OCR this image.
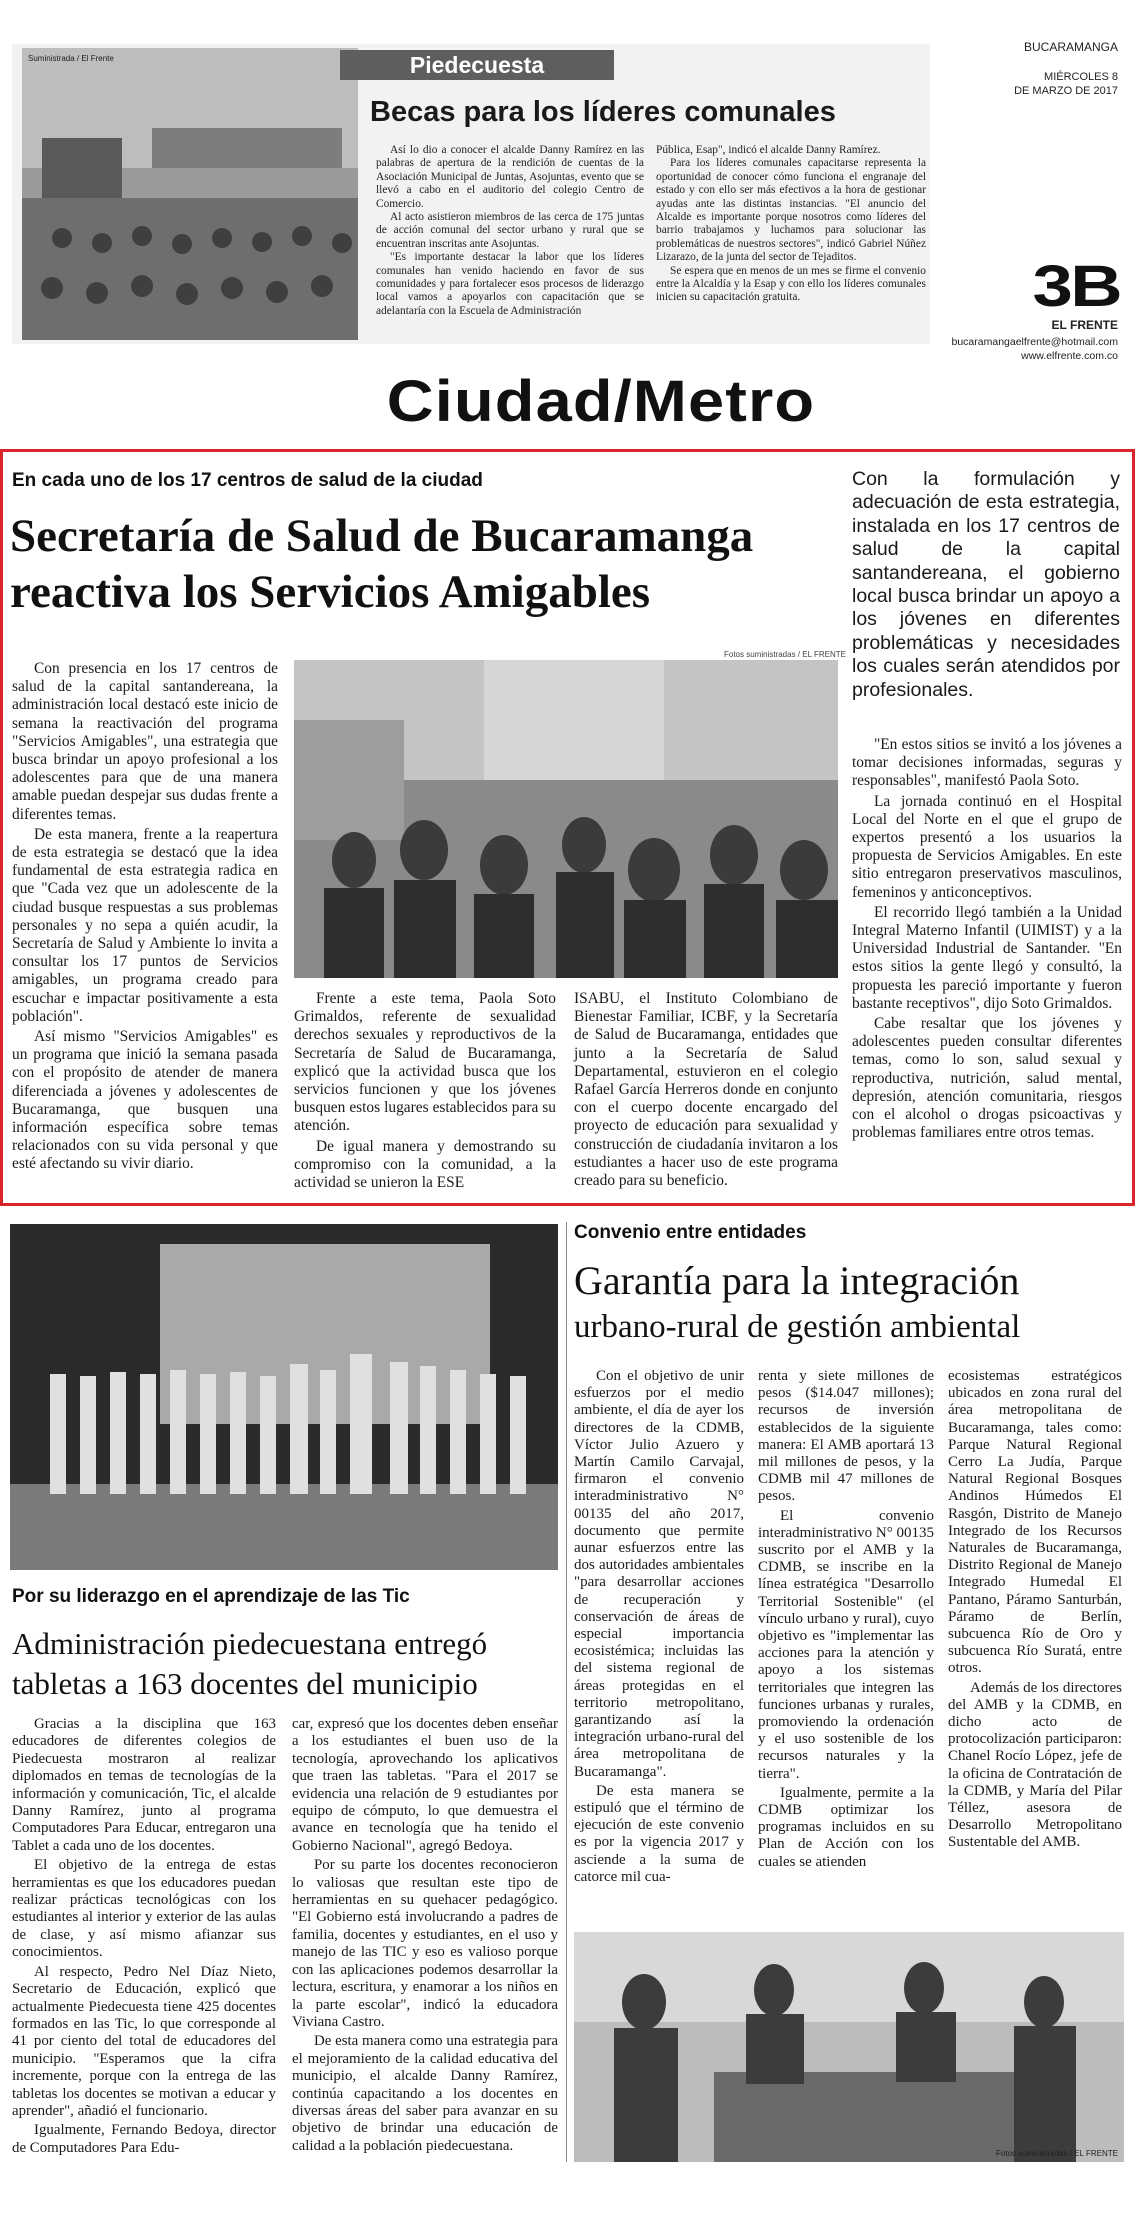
Suministrada / El Frente	Piedecuesta
Becas para los líderes comunales

Así lo dio a conocer el alcalde Danny Ramírez en las palabras de apertura de la rendición de cuentas de la Asociación Municipal de Juntas, Asojuntas, evento que se llevó a cabo en el auditorio del colegio Centro de Comercio.

Al acto asistieron miembros de las cerca de 175 juntas de acción comunal del sector urbano y rural que se encuentran inscritas ante Asojuntas.

"Es importante destacar la labor que los líderes comunales han venido haciendo en favor de sus comunidades y para fortalecer esos procesos de liderazgo local vamos a apoyarlos con capacitación que se adelantaría con la Escuela de Administración

Pública, Esap", indicó el alcalde Danny Ramírez.

Para los líderes comunales capacitarse representa la oportunidad de conocer cómo funciona el engranaje del estado y con ello ser más efectivos a la hora de gestionar ayudas ante las distintas instancias. "El anuncio del Alcalde es importante porque nosotros como líderes del barrio trabajamos y luchamos para solucionar las problemáticas de nuestros sectores", indicó Gabriel Núñez Lizarazo, de la junta del sector de Tejaditos.

Se espera que en menos de un mes se firme el convenio entre la Alcaldía y la Esap y con ello los líderes comunales inicien su capacitación gratuita.

BUCARAMANGA
MIÉRCOLES 8
DE MARZO DE 2017
3B
EL FRENTE
bucaramangaelfrente@hotmail.com
www.elfrente.com.co
Ciudad/Metro
En cada uno de los 17 centros de salud de la ciudad
Secretaría de Salud de Bucaramanga
reactiva los Servicios Amigables
Con la formulación y adecuación de esta estrategia, instalada en los 17 centros de salud de la capital santandereana, el gobierno local busca brindar un apoyo a los jóvenes en diferentes problemáticas y necesidades los cuales serán atendidos por profesionales.
Fotos suministradas / EL FRENTE

Con presencia en los 17 centros de salud de la capital santandereana, la administración local destacó este inicio de semana la reactivación del programa "Servicios Amigables", una estrategia que busca brindar un apoyo profesional a los adolescentes para que de una manera amable puedan despejar sus dudas frente a diferentes temas.

De esta manera, frente a la reapertura de esta estrategia se destacó que la idea fundamental de esta estrategia radica en que "Cada vez que un adolescente de la ciudad busque respuestas a sus problemas personales y no sepa a quién acudir, la Secretaría de Salud y Ambiente lo invita a consultar los 17 puntos de Servicios amigables, un programa creado para escuchar e impactar positivamente a esta población".

Así mismo "Servicios Amigables" es un programa que inició la semana pasada con el propósito de atender de manera diferenciada a jóvenes y adolescentes de Bucaramanga, que busquen una información específica sobre temas relacionados con su vida personal y que esté afectando su vivir diario.

Frente a este tema, Paola Soto Grimaldos, referente de sexualidad derechos sexuales y reproductivos de la Secretaría de Salud de Bucaramanga, explicó que la actividad busca que los servicios funcionen y que los jóvenes busquen estos lugares establecidos para su atención.

De igual manera y demostrando su compromiso con la comunidad, a la actividad se unieron la ESE

ISABU, el Instituto Colombiano de Bienestar Familiar, ICBF, y la Secretaría de Salud de Bucaramanga, entidades que junto a la Secretaría de Salud Departamental, estuvieron en el colegio Rafael García Herreros donde en conjunto con el cuerpo docente encargado del proyecto de educación para sexualidad y construcción de ciudadanía invitaron a los estudiantes a hacer uso de este programa creado para su beneficio.

"En estos sitios se invitó a los jóvenes a tomar decisiones informadas, seguras y responsables", manifestó Paola Soto.

La jornada continuó en el Hospital Local del Norte en el que el grupo de expertos presentó a los usuarios la propuesta de Servicios Amigables. En este sitio entregaron preservativos masculinos, femeninos y anticonceptivos.

El recorrido llegó también a la Unidad Integral Materno Infantil (UIMIST) y a la Universidad Industrial de Santander. "En estos sitios la gente llegó y consultó, la propuesta les pareció importante y fueron bastante receptivos", dijo Soto Grimaldos.

Cabe resaltar que los jóvenes y adolescentes pueden consultar diferentes temas, como lo son, salud sexual y reproductiva, nutrición, salud mental, depresión, atención comunitaria, riesgos con el alcohol o drogas psicoactivas y problemas familiares entre otros temas.

Por su liderazgo en el aprendizaje de las Tic
Administración piedecuestana entregó
tabletas a 163 docentes del municipio

Gracias a la disciplina que 163 educadores de diferentes colegios de Piedecuesta mostraron al realizar diplomados en temas de tecnologías de la información y comunicación, Tic, el alcalde Danny Ramírez, junto al programa Computadores Para Educar, entregaron una Tablet a cada uno de los docentes.

El objetivo de la entrega de estas herramientas es que los educadores puedan realizar prácticas tecnológicas con los estudiantes al interior y exterior de las aulas de clase, y así mismo afianzar sus conocimientos.

Al respecto, Pedro Nel Díaz Nieto, Secretario de Educación, explicó que actualmente Piedecuesta tiene 425 docentes formados en las Tic, lo que corresponde al 41 por ciento del total de educadores del municipio. "Esperamos que la cifra incremente, porque con la entrega de las tabletas los docentes se motivan a educar y aprender", añadió el funcionario.

Igualmente, Fernando Bedoya, director de Computadores Para Edu-

car, expresó que los docentes deben enseñar a los estudiantes el buen uso de la tecnología, aprovechando los aplicativos que traen las tabletas. "Para el 2017 se evidencia una relación de 9 estudiantes por equipo de cómputo, lo que demuestra el avance en tecnología que ha tenido el Gobierno Nacional", agregó Bedoya.

Por su parte los docentes reconocieron lo valiosas que resultan este tipo de herramientas en su quehacer pedagógico. "El Gobierno está involucrando a padres de familia, docentes y estudiantes, en el uso y manejo de las TIC y eso es valioso porque con las aplicaciones podemos desarrollar la lectura, escritura, y enamorar a los niños en la parte escolar", indicó la educadora Viviana Castro.

De esta manera como una estrategia para el mejoramiento de la calidad educativa del municipio, el alcalde Danny Ramírez, continúa capacitando a los docentes en diversas áreas del saber para avanzar en su objetivo de brindar una educación de calidad a la población piedecuestana.

Convenio entre entidades
Garantía para la integración
urbano-rural de gestión ambiental

Con el objetivo de unir esfuerzos por el medio ambiente, el día de ayer los directores de la CDMB, Víctor Julio Azuero y Martín Camilo Carvajal, firmaron el convenio interadministrativo N° 00135 del año 2017, documento que permite aunar esfuerzos entre las dos autoridades ambientales "para desarrollar acciones de recuperación y conservación de áreas de especial importancia ecosistémica; incluidas las del sistema regional de áreas protegidas en el territorio metropolitano, garantizando así la integración urbano-rural del área metropolitana de Bucaramanga".

De esta manera se estipuló que el término de ejecución de este convenio es por la vigencia 2017 y asciende a la suma de catorce mil cua-

renta y siete millones de pesos ($14.047 millones); recursos de inversión establecidos de la siguiente manera: El AMB aportará 13 mil millones de pesos, y la CDMB mil 47 millones de pesos.

El convenio interadministrativo N° 00135 suscrito por el AMB y la CDMB, se inscribe en la línea estratégica "Desarrollo Territorial Sostenible" (el vínculo urbano y rural), cuyo objetivo es "implementar las acciones para la atención y apoyo a los sistemas territoriales que integren las funciones urbanas y rurales, promoviendo la ordenación y el uso sostenible de los recursos naturales y la tierra".

Igualmente, permite a la CDMB optimizar los programas incluidos en su Plan de Acción con los cuales se atienden

ecosistemas estratégicos ubicados en zona rural del área metropolitana de Bucaramanga, tales como: Parque Natural Regional Cerro La Judía, Parque Natural Regional Bosques Andinos Húmedos El Rasgón, Distrito de Manejo Integrado de los Recursos Naturales de Bucaramanga, Distrito Regional de Manejo Integrado Humedal El Pantano, Páramo Santurbán, Páramo de Berlín, subcuenca Río de Oro y subcuenca Río Suratá, entre otros.

Además de los directores del AMB y la CDMB, en dicho acto de protocolización participaron: Chanel Rocío López, jefe de la oficina de Contratación de la CDMB, y María del Pilar Téllez, asesora de Desarrollo Metropolitano Sustentable del AMB.

Fotos suministradas / EL FRENTE
